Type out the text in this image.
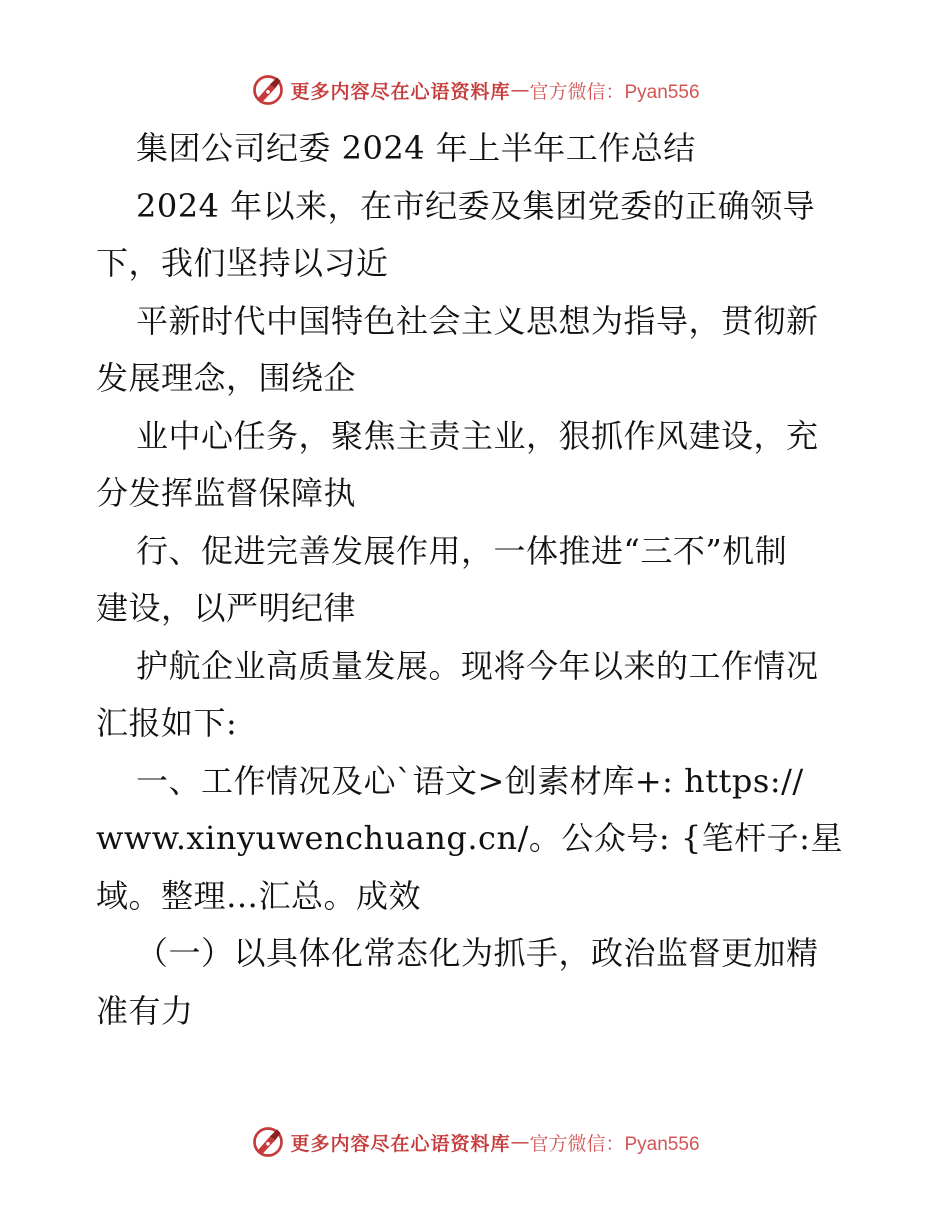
更多内容尽在心语资料库 — 官方微信：Pyan556

集团公司纪委 2024 年上半年工作总结

2024 年以来，在市纪委及集团党委的正确领导
下，我们坚持以习近

平新时代中国特色社会主义思想为指导，贯彻新
发展理念，围绕企

业中心任务，聚焦主责主业，狠抓作风建设，充
分发挥监督保障执

行、促进完善发展作用，一体推进“三不”机制
建设，以严明纪律

护航企业高质量发展。现将今年以来的工作情况
汇报如下:

一、工作情况及心`语文>创素材库+: https://
www.xinyuwenchuang.cn/。公众号: {笔杆子:星
域。整理…汇总。成效

（一）以具体化常态化为抓手，政治监督更加精
准有力

更多内容尽在心语资料库 — 官方微信：Pyan556
